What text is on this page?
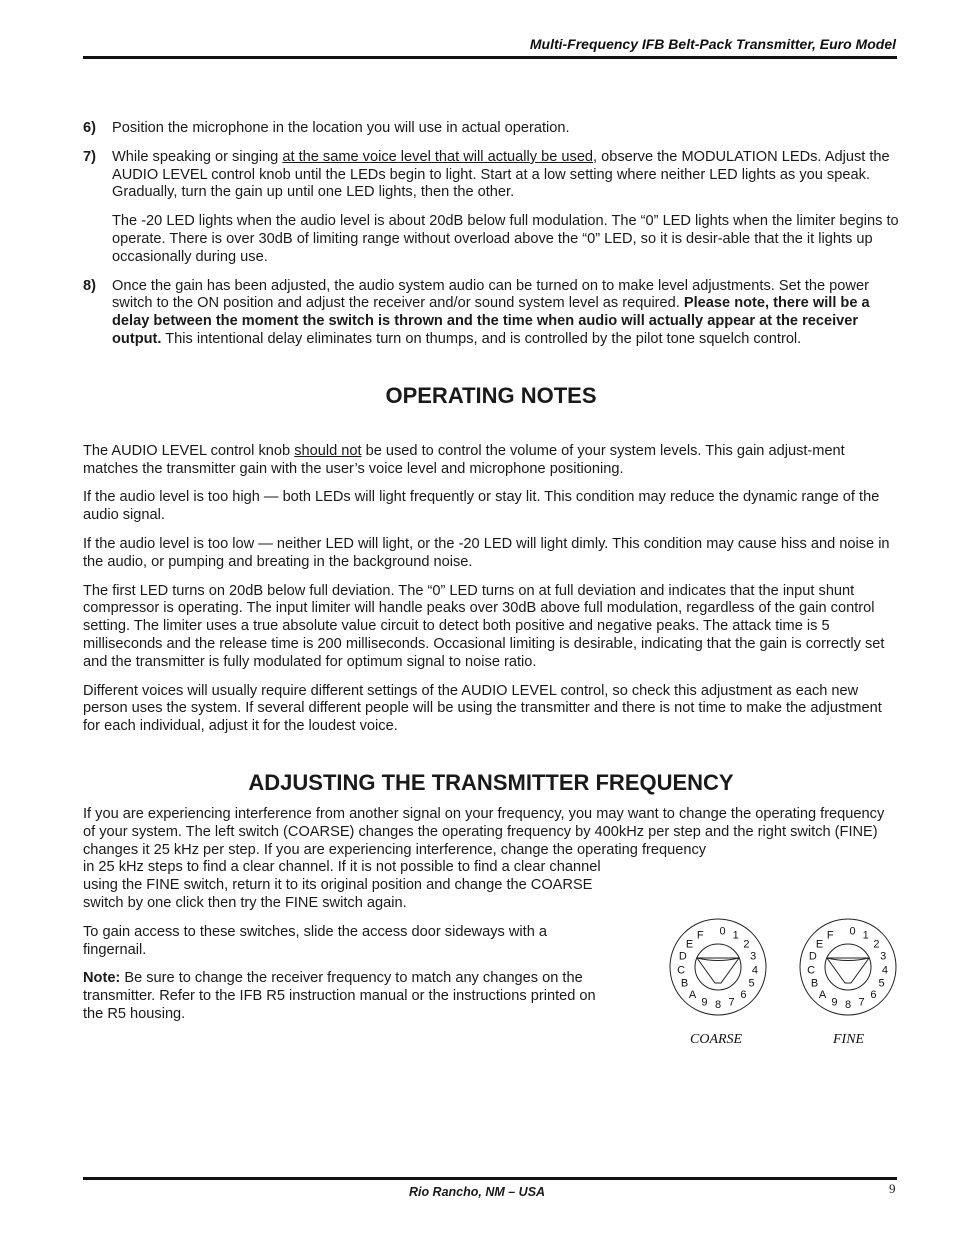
Multi-Frequency IFB Belt-Pack Transmitter, Euro Model
6) Position the microphone in the location you will use in actual operation.

7) While speaking or singing at the same voice level that will actually be used, observe the MODULATION LEDs. Adjust the AUDIO LEVEL control knob until the LEDs begin to light. Start at a low setting where neither LED lights as you speak. Gradually, turn the gain up until one LED lights, then the other.

The -20 LED lights when the audio level is about 20dB below full modulation. The “0” LED lights when the limiter begins to operate. There is over 30dB of limiting range without overload above the “0” LED, so it is desir-able that the it lights up occasionally during use.

8) Once the gain has been adjusted, the audio system audio can be turned on to make level adjustments. Set the power switch to the ON position and adjust the receiver and/or sound system level as required. Please note, there will be a delay between the moment the switch is thrown and the time when audio will actually appear at the receiver output. This intentional delay eliminates turn on thumps, and is controlled by the pilot tone squelch control.

OPERATING NOTES

The AUDIO LEVEL control knob should not be used to control the volume of your system levels. This gain adjust-ment matches the transmitter gain with the user’s voice level and microphone positioning.

If the audio level is too high — both LEDs will light frequently or stay lit. This condition may reduce the dynamic range of the audio signal.

If the audio level is too low — neither LED will light, or the -20 LED will light dimly. This condition may cause hiss and noise in the audio, or pumping and breating in the background noise.

The first LED turns on 20dB below full deviation. The “0” LED turns on at full deviation and indicates that the input shunt compressor is operating. The input limiter will handle peaks over 30dB above full modulation, regardless of the gain control setting. The limiter uses a true absolute value circuit to detect both positive and negative peaks. The attack time is 5 milliseconds and the release time is 200 milliseconds. Occasional limiting is desirable, indicating that the gain is correctly set and the transmitter is fully modulated for optimum signal to noise ratio.

Different voices will usually require different settings of the AUDIO LEVEL control, so check this adjustment as each new person uses the system. If several different people will be using the transmitter and there is not time to make the adjustment for each individual, adjust it for the loudest voice.

ADJUSTING THE TRANSMITTER FREQUENCY

If you are experiencing interference from another signal on your frequency, you may want to change the operating frequency of your system. The left switch (COARSE) changes the operating frequency by 400kHz per step and the right switch (FINE) changes it 25 kHz per step. If you are experiencing interference, change the operating frequency

in 25 kHz steps to find a clear channel. If it is not possible to find a clear channel using the FINE switch, return it to its original position and change the COARSE switch by one click then try the FINE switch again.

To gain access to these switches, slide the access door sideways with a fingernail.

Note: Be sure to change the receiver frequency to match any changes on the transmitter. Refer to the IFB R5 instruction manual or the instructions printed on the R5 housing.

0 1
2
3
4
5
6
7
8
9
A
B
C
D
E
F	0 1
2
3
4
5
6
7
8
9
A
B
C
D
E
F
COARSE	FINE
Rio Rancho, NM – USA	9
